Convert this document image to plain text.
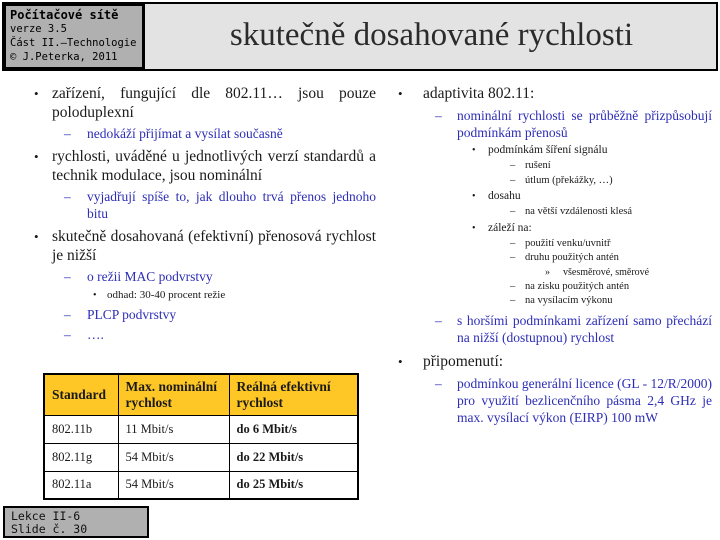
skutečně dosahované rychlosti
Počítačové sítě
verze 3.5
Část II.–Technologie
© J.Peterka, 2011
• zařízení, fungující dle 802.11… jsou pouze poloduplexní
–	nedokáží přijímat a vysílat současně
• rychlosti, uváděné u jednotlivých verzí standardů a technik modulace, jsou nominální
–	vyjadřují spíše to, jak dlouho trvá přenos jednoho bitu
• skutečně dosahovaná (efektivní) přenosová rychlost je nižší
–	o režii MAC podvrstvy
• odhad: 30-40 procent režie
–	PLCP podvrstvy
–	….
•	adaptivita 802.11:
–	nominální rychlosti se průběžně přizpůsobují podmínkám přenosů
•	podmínkám šíření signálu
– rušení
– útlum (překážky, …)
•	dosahu
– na větší vzdálenosti klesá
•	záleží na:
– použití venku/uvnitř
– druhu použitých antén
»	všesměrové, směrové
– na zisku použitých antén
– na vysílacím výkonu
–	s horšími podmínkami zařízení samo přechází na nižší (dostupnou) rychlost
•	připomenutí:
–	podmínkou generální licence (GL - 12/R/2000) pro využití bezlicenčního pásma 2,4 GHz je max. vysílací výkon (EIRP) 100 mW
Standard	Max. nominální rychlost	Reálná efektivní rychlost
802.11b	11 Mbit/s	do 6 Mbit/s
802.11g	54 Mbit/s	do 22 Mbit/s
802.11a	54 Mbit/s	do 25 Mbit/s
Lekce II-6
Slide č. 30
